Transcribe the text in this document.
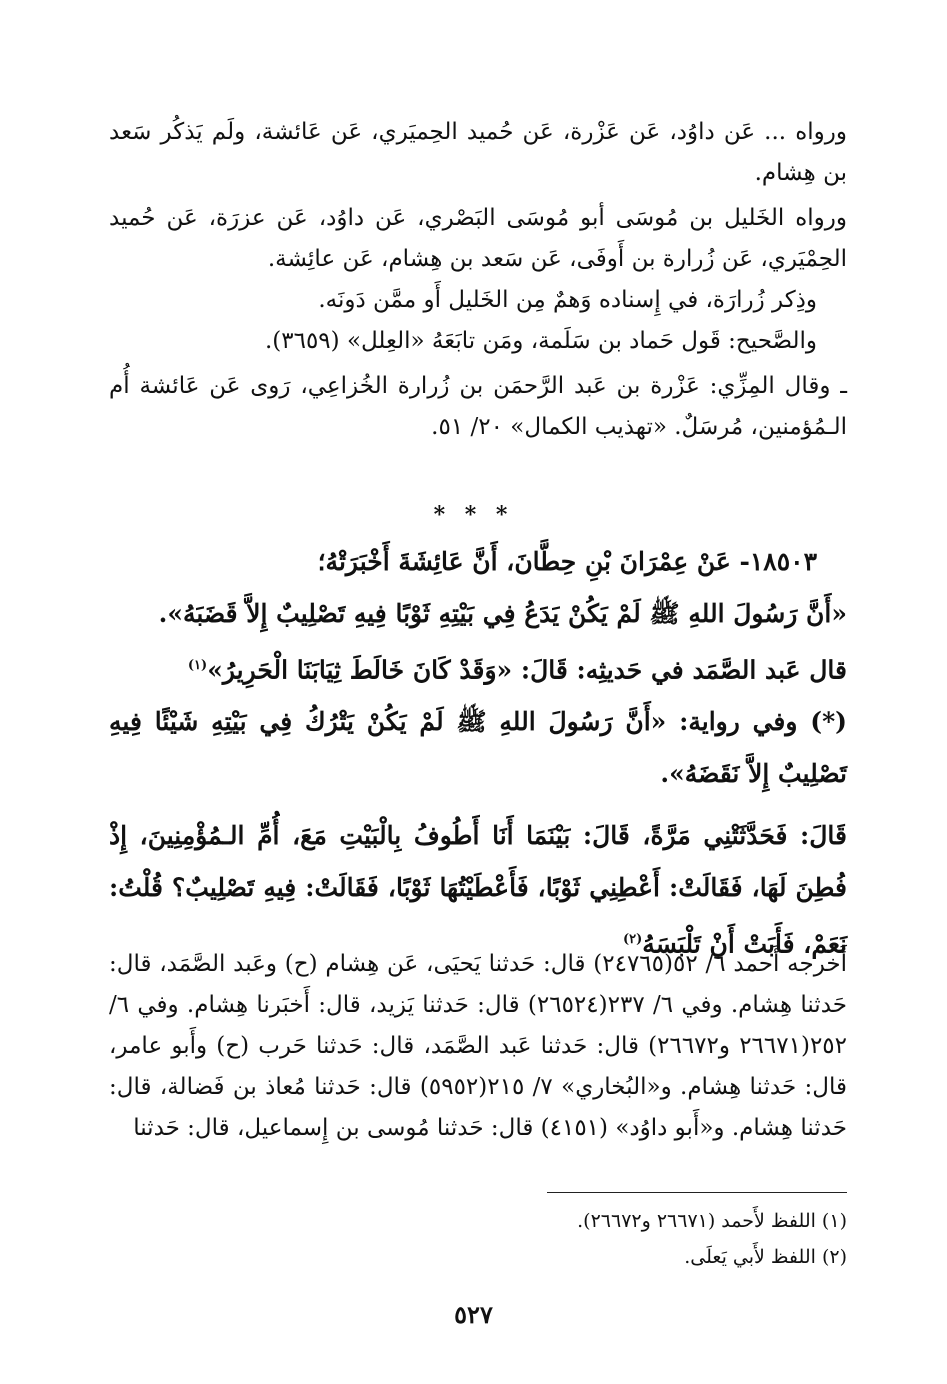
ورواه ... عَن داوُد، عَن عَزْرة، عَن حُميد الحِميَري، عَن عَائشة، ولَم يَذكُر سَعد بن هِشام.

ورواه الخَليل بن مُوسَى أبو مُوسَى البَصْري، عَن داوُد، عَن عزرَة، عَن حُميد الحِمْيَري، عَن زُرارة بن أَوفَى، عَن سَعد بن هِشام، عَن عائِشة.

وذِكر زُرارَة، في إِسناده وَهمٌ مِن الخَليل أَو ممَّن دَونَه.

والصَّحيح: قَول حَماد بن سَلَمة، ومَن تابَعَهُ «العِلل» (٣٦٥٩).

ـ وقال المِزِّي: عَزْرة بن عَبد الرَّحمَن بن زُرارة الخُزاعِي، رَوى عَن عَائشة أُم الـمُؤمنين، مُرسَلٌ. «تهذيب الكمال» ٢٠/ ٥١.

* * *

١٨٥٠٣- عَنْ عِمْرَانَ بْنِ حِطَّانَ، أَنَّ عَائِشَةَ أَخْبَرَتْهُ؛

«أَنَّ رَسُولَ اللهِ ﷺ لَمْ يَكُنْ يَدَعُ فِي بَيْتِهِ ثَوْبًا فِيهِ تَصْلِيبٌ إِلاَّ قَضَبَهُ».

قال عَبد الصَّمَد في حَديثِه: قَالَ: «وَقَدْ كَانَ خَالَطَ ثِيَابَنَا الْحَرِيرُ»$^{(١)}$

(*) وفي رواية: «أَنَّ رَسُولَ اللهِ ﷺ لَمْ يَكُنْ يَتْرُكُ فِي بَيْتِهِ شَيْئًا فِيهِ تَصْلِيبٌ إِلاَّ نَقَضَهُ».

قَالَ: فَحَدَّثَتْنِي مَرَّةً، قَالَ: بَيْنَمَا أَنَا أَطُوفُ بِالْبَيْتِ مَعَ، أُمِّ الـمُؤْمِنِينَ، إِذْ فُطِنَ لَهَا، فَقَالَتْ: أَعْطِنِي ثَوْبًا، فَأَعْطَيْتُهَا ثَوْبًا، فَقَالَتْ: فِيهِ تَصْلِيبٌ؟ قُلْتُ: نَعَمْ، فَأَبَتْ أَنْ تَلْبَسَهُ$^{(٢)}$

أَخرجه أَحمد ٦/ ٥٢(٢٤٧٦٥) قال: حَدثنا يَحيَى، عَن هِشام (ح) وعَبد الصَّمَد، قال: حَدثنا هِشام. وفي ٦/ ٢٣٧(٢٦٥٢٤) قال: حَدثنا يَزيد، قال: أَخبَرنا هِشام. وفي ٦/ ٢٥٢(٢٦٦٧١ و٢٦٦٧٢) قال: حَدثنا عَبد الصَّمَد، قال: حَدثنا حَرب (ح) وأَبو عامر، قال: حَدثنا هِشام. و«البُخاري» ٧/ ٢١٥(٥٩٥٢) قال: حَدثنا مُعاذ بن فَضالة، قال: حَدثنا هِشام. و«أَبو داوُد» (٤١٥١) قال: حَدثنا مُوسى بن إِسماعيل، قال: حَدثنا

(١) اللفظ لأَحمد (٢٦٦٧١ و٢٦٦٧٢).

(٢) اللفظ لأَبي يَعلَى.

٥٢٧
